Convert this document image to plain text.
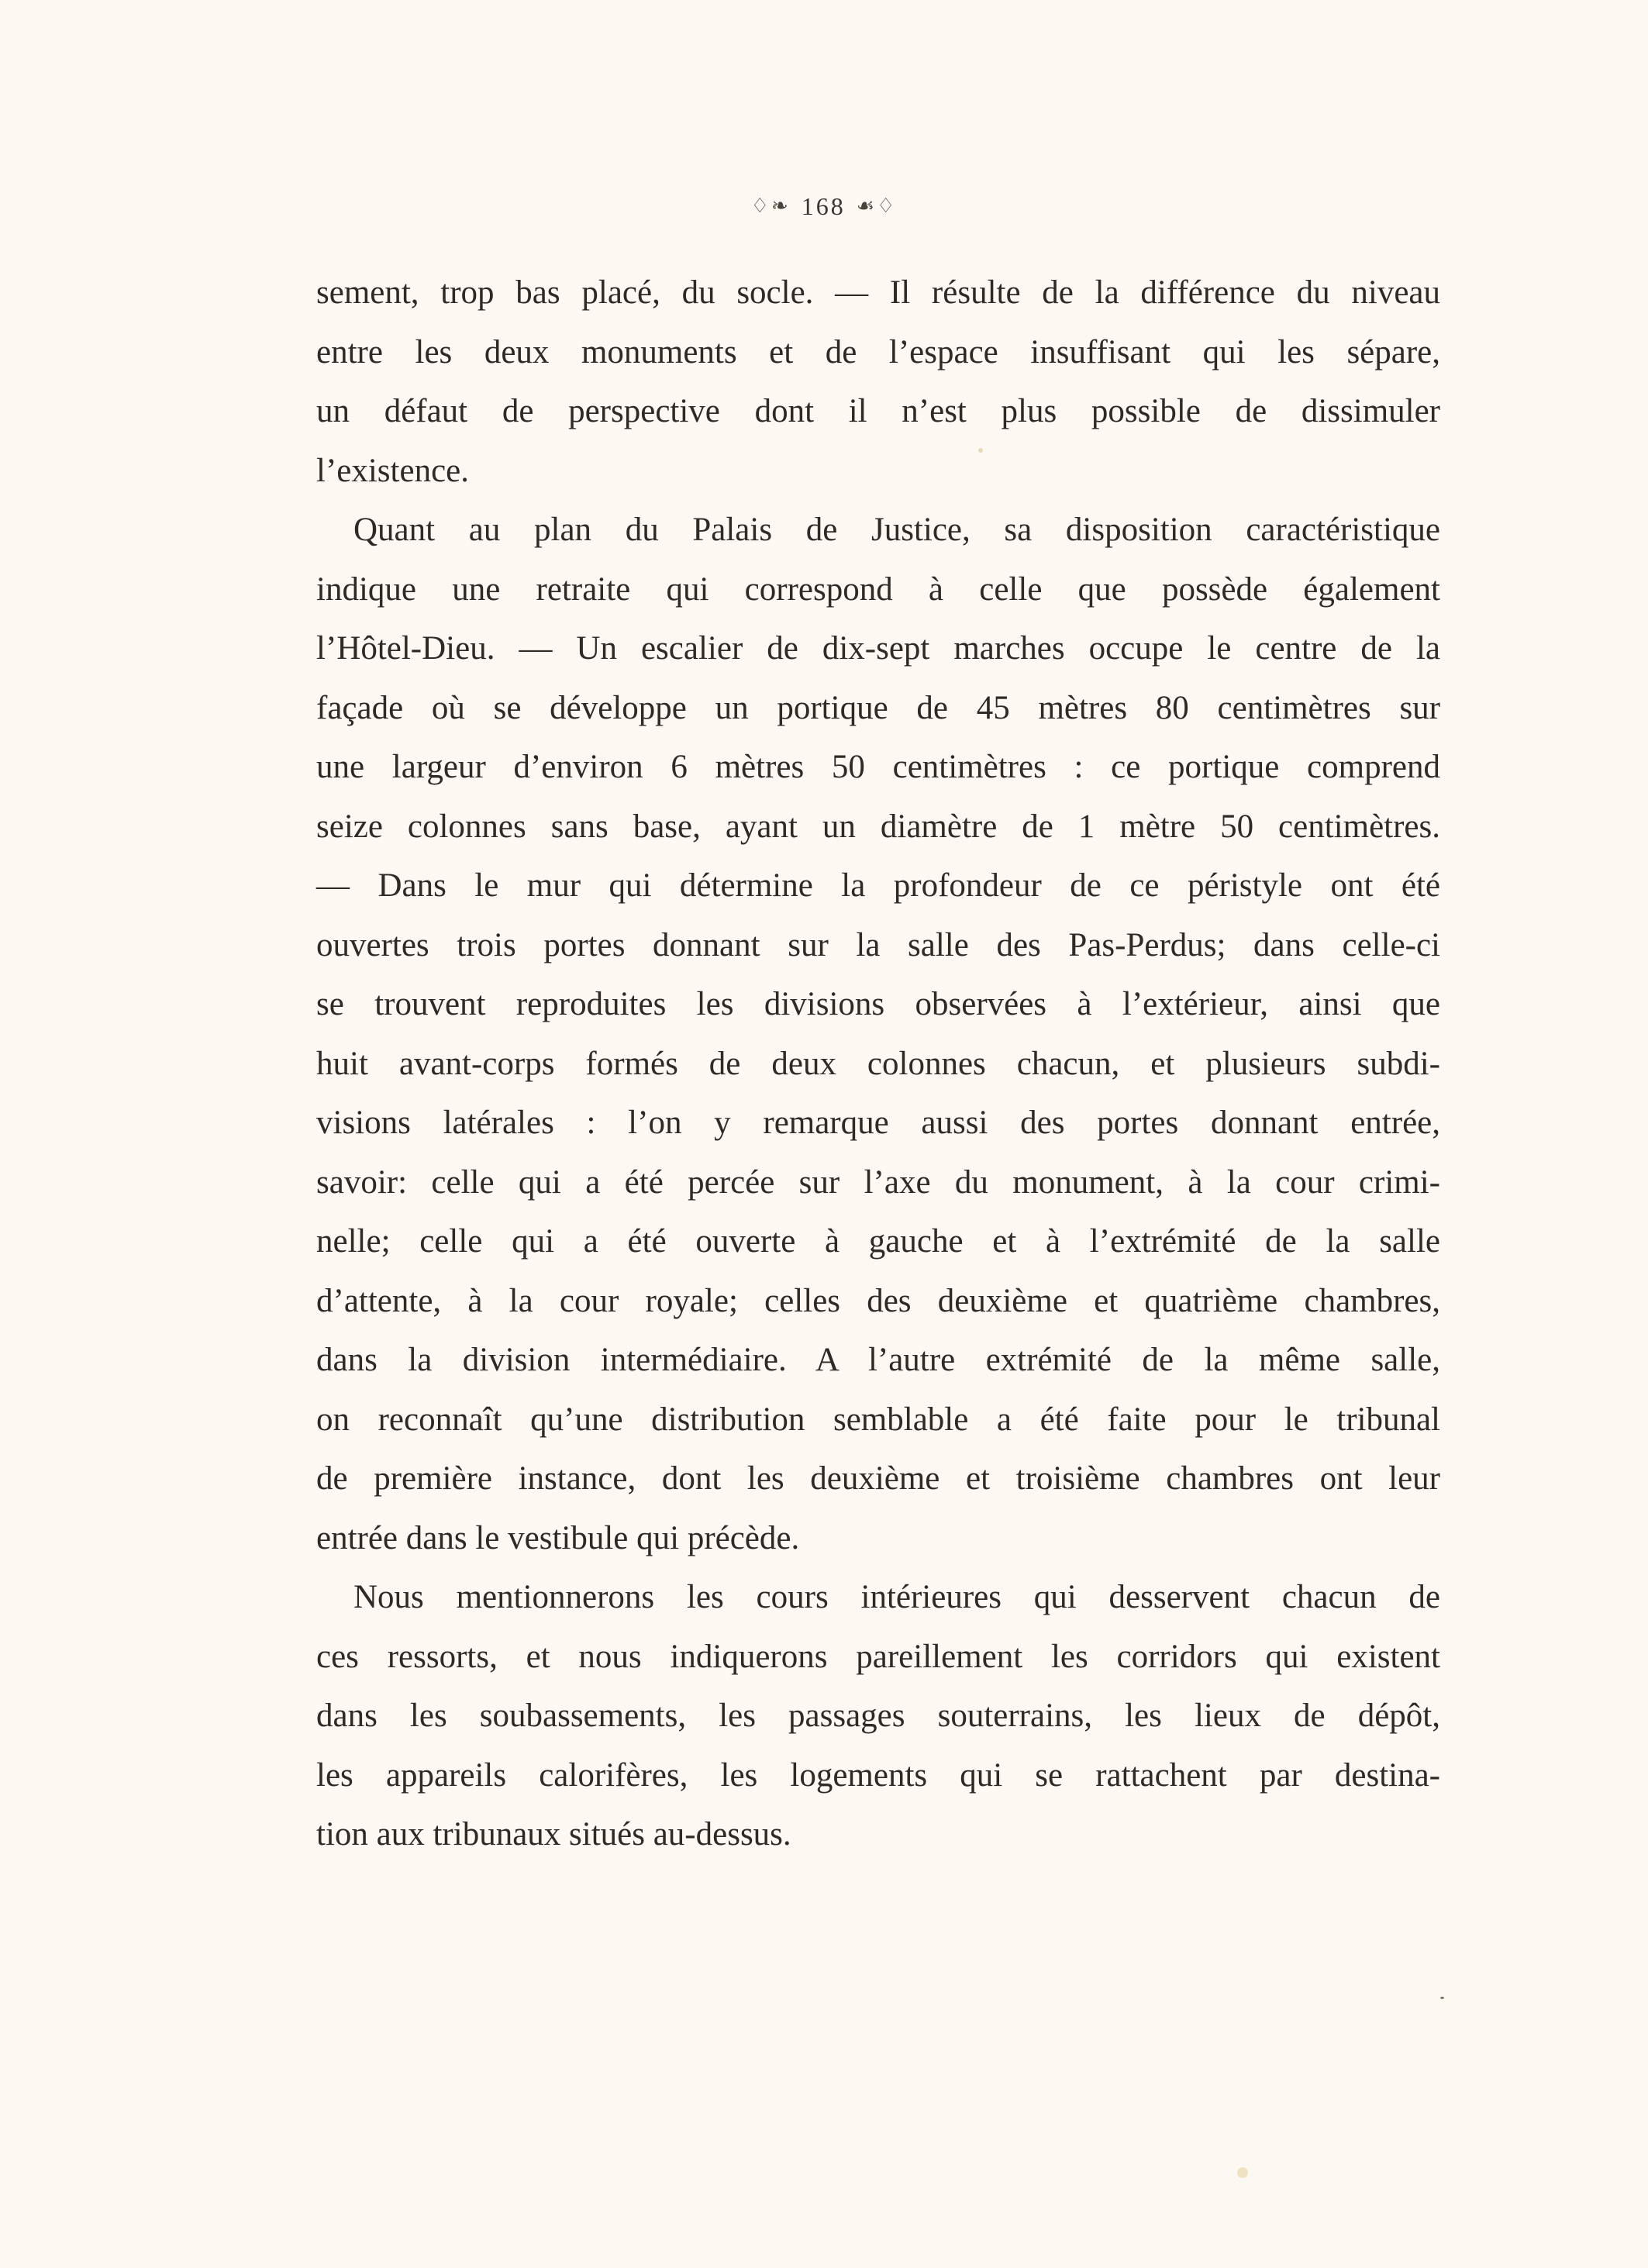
♢❧ 168 ☙♢
sement, trop bas placé, du socle. — Il résulte de la différence du niveau
entre les deux monuments et de l’espace insuffisant qui les sépare,
un défaut de perspective dont il n’est plus possible de dissimuler
l’existence.
Quant au plan du Palais de Justice, sa disposition caractéristique
indique une retraite qui correspond à celle que possède également
l’Hôtel-Dieu. — Un escalier de dix-sept marches occupe le centre de la
façade où se développe un portique de 45 mètres 80 centimètres sur
une largeur d’environ 6 mètres 50 centimètres : ce portique comprend
seize colonnes sans base, ayant un diamètre de 1 mètre 50 centimètres.
— Dans le mur qui détermine la profondeur de ce péristyle ont été
ouvertes trois portes donnant sur la salle des Pas-Perdus; dans celle-ci
se trouvent reproduites les divisions observées à l’extérieur, ainsi que
huit avant-corps formés de deux colonnes chacun, et plusieurs subdi-
visions latérales : l’on y remarque aussi des portes donnant entrée,
savoir: celle qui a été percée sur l’axe du monument, à la cour crimi-
nelle; celle qui a été ouverte à gauche et à l’extrémité de la salle
d’attente, à la cour royale; celles des deuxième et quatrième chambres,
dans la division intermédiaire. A l’autre extrémité de la même salle,
on reconnaît qu’une distribution semblable a été faite pour le tribunal
de première instance, dont les deuxième et troisième chambres ont leur
entrée dans le vestibule qui précède.
Nous mentionnerons les cours intérieures qui desservent chacun de
ces ressorts, et nous indiquerons pareillement les corridors qui existent
dans les soubassements, les passages souterrains, les lieux de dépôt,
les appareils calorifères, les logements qui se rattachent par destina-
tion aux tribunaux situés au-dessus.
